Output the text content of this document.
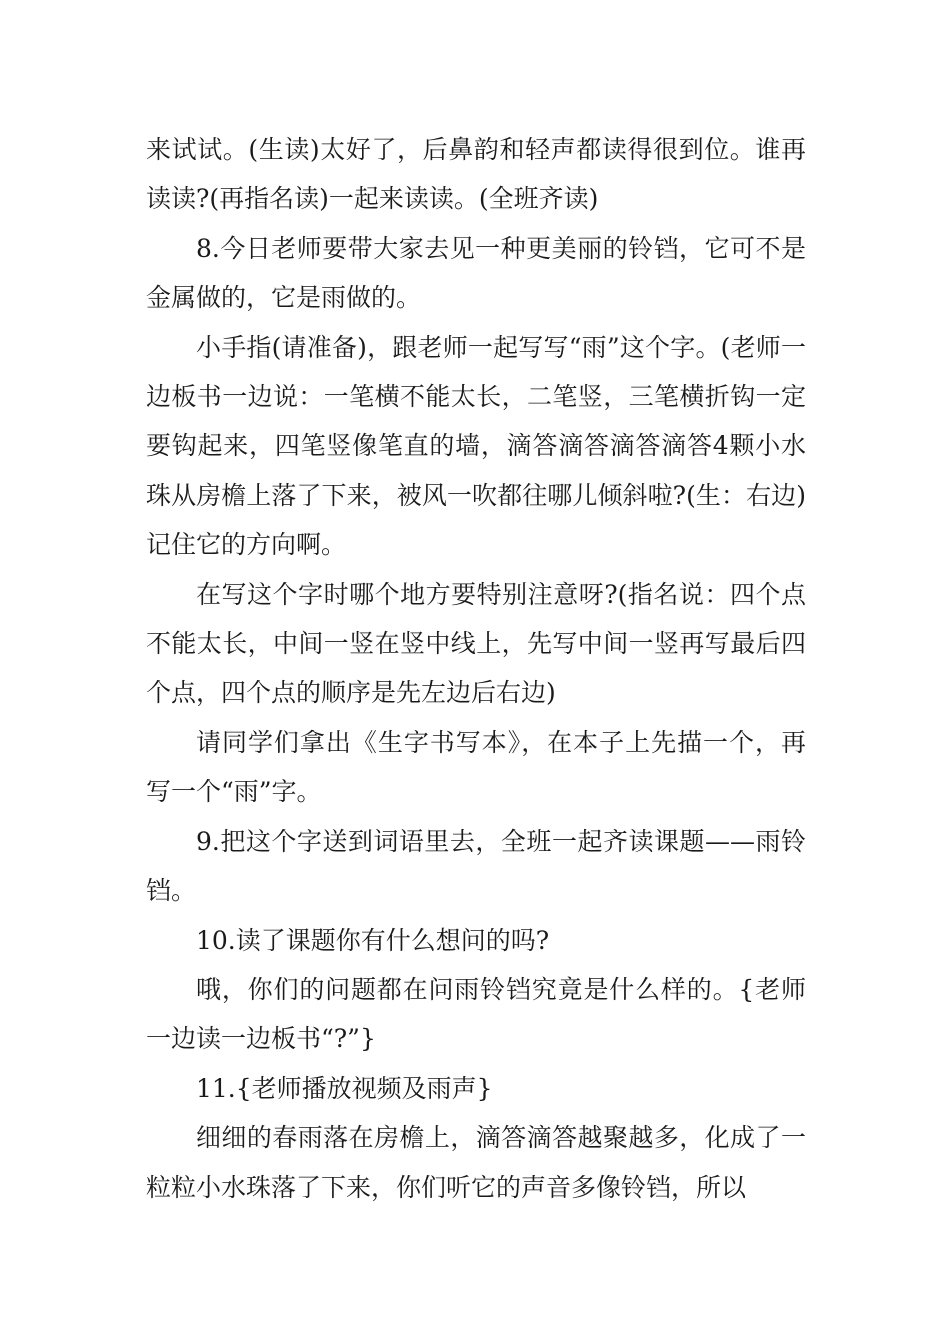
来试试。(生读)太好了，后鼻韵和轻声都读得很到位。谁再读读?(再指名读)一起来读读。(全班齐读)

8.今日老师要带大家去见一种更美丽的铃铛，它可不是金属做的，它是雨做的。

小手指(请准备)，跟老师一起写写“雨”这个字。(老师一边板书一边说：一笔横不能太长，二笔竖，三笔横折钩一定要钩起来，四笔竖像笔直的墙，滴答滴答滴答滴答4颗小水珠从房檐上落了下来，被风一吹都往哪儿倾斜啦?(生：右边)记住它的方向啊。

在写这个字时哪个地方要特别注意呀?(指名说：四个点不能太长，中间一竖在竖中线上，先写中间一竖再写最后四个点，四个点的顺序是先左边后右边)

请同学们拿出《生字书写本》，在本子上先描一个，再写一个“雨”字。

9.把这个字送到词语里去，全班一起齐读课题——雨铃铛。

10.读了课题你有什么想问的吗?

哦，你们的问题都在问雨铃铛究竟是什么样的。{老师一边读一边板书“?”}

11.{老师播放视频及雨声}

细细的春雨落在房檐上，滴答滴答越聚越多，化成了一粒粒小水珠落了下来，你们听它的声音多像铃铛，所以
